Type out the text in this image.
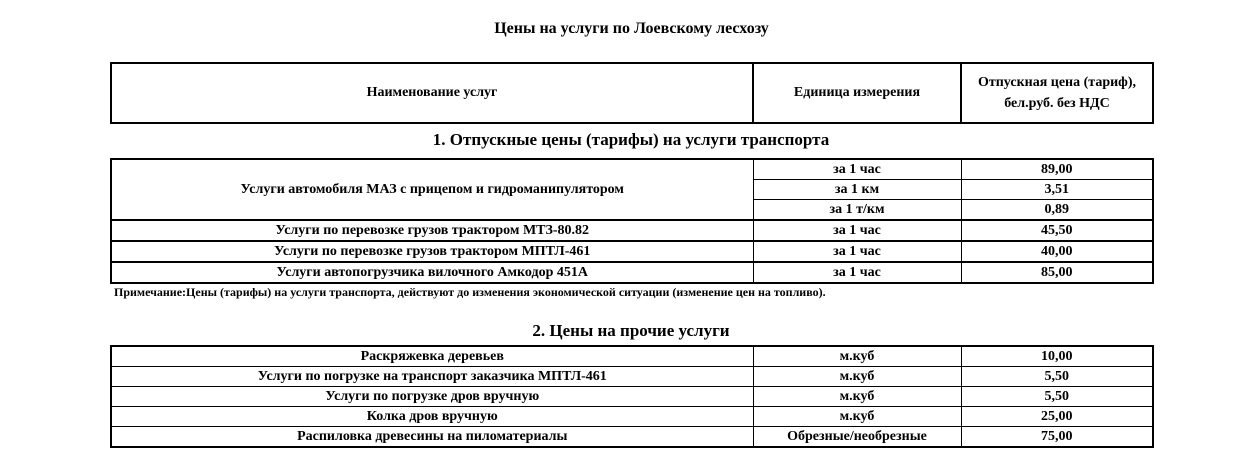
Цены на услуги по Лоевскому лесхозу
Наименование услуг	Единица измерения	Отпускная цена (тариф),
бел.руб. без НДС
1. Отпускные цены (тарифы) на услуги транспорта
Услуги автомобиля МАЗ с прицепом и гидроманипулятором	за 1 час	89,00
	за 1 км	3,51
	за 1 т/км	0,89
Услуги по перевозке грузов трактором МТЗ-80.82	за 1 час	45,50
Услуги по перевозке грузов трактором МПТЛ-461	за 1 час	40,00
Услуги автопогрузчика вилочного Амкодор 451А	за 1 час	85,00
Примечание:Цены (тарифы) на услуги транспорта, действуют до изменения экономической ситуации (изменение цен на топливо).
2. Цены на прочие услуги
Раскряжевка деревьев	м.куб	10,00
Услуги по погрузке на транспорт заказчика МПТЛ-461	м.куб	5,50
Услуги по погрузке дров вручную	м.куб	5,50
Колка дров вручную	м.куб	25,00
Распиловка древесины на пиломатериалы	Обрезные/необрезные	75,00
